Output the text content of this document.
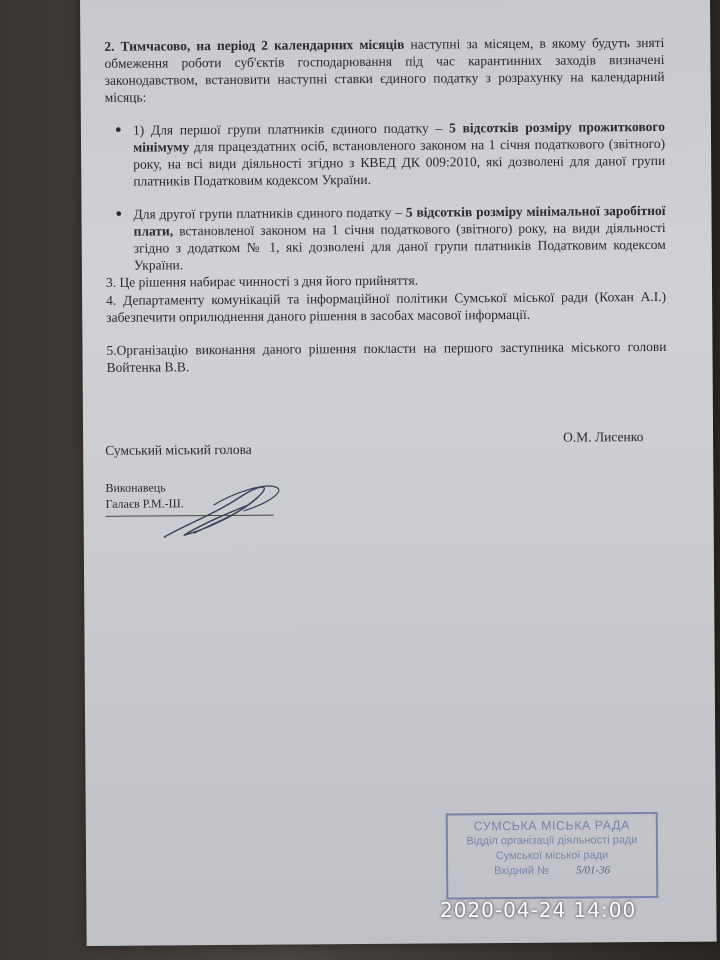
2. Тимчасово, на період 2 календарних місяців наступні за місяцем, в якому будуть зняті обмеження роботи суб'єктів господарювання під час карантинних заходів визначені законодавством, встановити наступні ставки єдиного податку з розрахунку на календарний місяць:
● 1) Для першої групи платників єдиного податку – 5 відсотків розміру прожиткового мінімуму для працездатних осіб, встановленого законом на 1 січня податкового (звітного) року, на всі види діяльності згідно з КВЕД ДК 009:2010, які дозволені для даної групи платників Податковим кодексом України.
● Для другої групи платників єдиного податку – 5 відсотків розміру мінімальної заробітної плати, встановленої законом на 1 січня податкового (звітного) року, на види діяльності згідно з додатком № 1, які дозволені для даної групи платників Податковим кодексом України.
3. Це рішення набирає чинності з дня його прийняття.
4. Департаменту комунікацій та інформаційної політики Сумської міської ради (Кохан А.І.) забезпечити оприлюднення даного рішення в засобах масової інформації.
5.Організацію виконання даного рішення покласти на першого заступника міського голови Войтенка В.В.
Сумський міський голова
О.М. Лисенко
Виконавець
Галаєв Р.М.-Ш.
СУМСЬКА МІСЬКА РАДА
Відділ організації діяльності ради
Сумської міської ради
Вхідний № 5/01-36
2020-04-24 14:00
